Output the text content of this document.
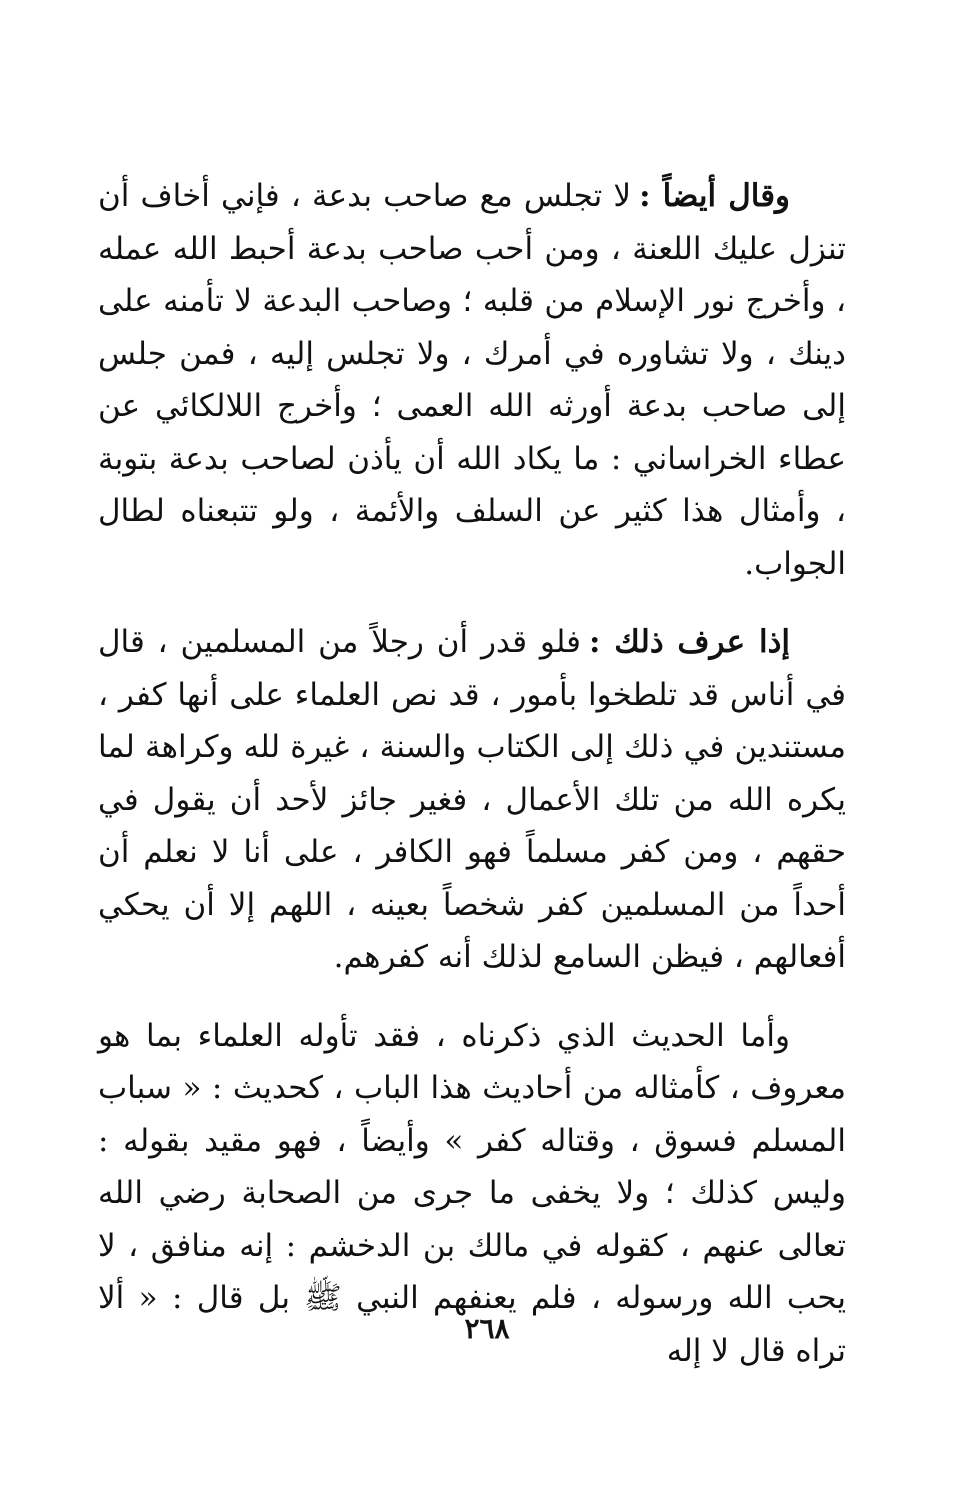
وقال أيضاً :لا تجلس مع صاحب بدعة ، فإني أخاف أن تنزل عليك اللعنة ، ومن أحب صاحب بدعة أحبط الله عمله ، وأخرج نور الإسلام من قلبه ؛ وصاحب البدعة لا تأمنه على دينك ، ولا تشاوره في أمرك ، ولا تجلس إليه ، فمن جلس إلى صاحب بدعة أورثه الله العمى ؛ وأخرج اللالكائي عن عطاء الخراساني : ما يكاد الله أن يأذن لصاحب بدعة بتوبة ، وأمثال هذا كثير عن السلف والأئمة ، ولو تتبعناه لطال الجواب.

إذا عرف ذلك :فلو قدر أن رجلاً من المسلمين ، قال في أناس قد تلطخوا بأمور ، قد نص العلماء على أنها كفر ، مستندين في ذلك إلى الكتاب والسنة ، غيرة لله وكراهة لما يكره الله من تلك الأعمال ، فغير جائز لأحد أن يقول في حقهم ، ومن كفر مسلماً فهو الكافر ، على أنا لا نعلم أن أحداً من المسلمين كفر شخصاً بعينه ، اللهم إلا أن يحكي أفعالهم ، فيظن السامع لذلك أنه كفرهم.

وأما الحديث الذي ذكرناه ، فقد تأوله العلماء بما هو معروف ، كأمثاله من أحاديث هذا الباب ، كحديث : « سباب المسلم فسوق ، وقتاله كفر » وأيضاً ، فهو مقيد بقوله : وليس كذلك ؛ ولا يخفى ما جرى من الصحابة رضي الله تعالى عنهم ، كقوله في مالك بن الدخشم : إنه منافق ، لا يحب الله ورسوله ، فلم يعنفهم النبي ﷺ بل قال : « ألا تراه قال لا إله

٢٦٨
